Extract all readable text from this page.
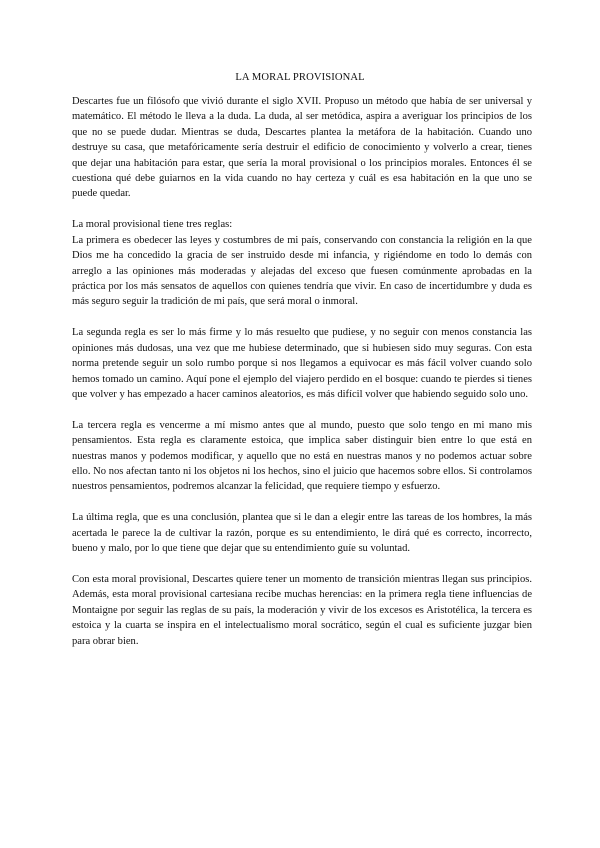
LA MORAL PROVISIONAL

Descartes fue un filósofo que vivió durante el siglo XVII. Propuso un método que había de ser universal y matemático. El método le lleva a la duda. La duda, al ser metódica, aspira a averiguar los principios de los que no se puede dudar. Mientras se duda, Descartes plantea la metáfora de la habitación. Cuando uno destruye su casa, que metafóricamente sería destruir el edificio de conocimiento y volverlo a crear, tienes que dejar una habitación para estar, que sería la moral provisional o los principios morales. Entonces él se cuestiona qué debe guiarnos en la vida cuando no hay certeza y cuál es esa habitación en la que uno se puede quedar.

La moral provisional tiene tres reglas:

La primera es obedecer las leyes y costumbres de mi país, conservando con constancia la religión en la que Dios me ha concedido la gracia de ser instruido desde mi infancia, y rigiéndome en todo lo demás con arreglo a las opiniones más moderadas y alejadas del exceso que fuesen comúnmente aprobadas en la práctica por los más sensatos de aquellos con quienes tendría que vivir. En caso de incertidumbre y duda es más seguro seguir la tradición de mi país, que será moral o inmoral.

La segunda regla es ser lo más firme y lo más resuelto que pudiese, y no seguir con menos constancia las opiniones más dudosas, una vez que me hubiese determinado, que si hubiesen sido muy seguras. Con esta norma pretende seguir un solo rumbo porque si nos llegamos a equivocar es más fácil volver cuando solo hemos tomado un camino. Aquí pone el ejemplo del viajero perdido en el bosque: cuando te pierdes si tienes que volver y has empezado a hacer caminos aleatorios, es más difícil volver que habiendo seguido solo uno.

La tercera regla es vencerme a mí mismo antes que al mundo, puesto que solo tengo en mi mano mis pensamientos. Esta regla es claramente estoica, que implica saber distinguir bien entre lo que está en nuestras manos y podemos modificar, y aquello que no está en nuestras manos y no podemos actuar sobre ello. No nos afectan tanto ni los objetos ni los hechos, sino el juicio que hacemos sobre ellos. Si controlamos nuestros pensamientos, podremos alcanzar la felicidad, que requiere tiempo y esfuerzo.

La última regla, que es una conclusión, plantea que si le dan a elegir entre las tareas de los hombres, la más acertada le parece la de cultivar la razón, porque es su entendimiento, le dirá qué es correcto, incorrecto, bueno y malo, por lo que tiene que dejar que su entendimiento guíe su voluntad.

Con esta moral provisional, Descartes quiere tener un momento de transición mientras llegan sus principios. Además, esta moral provisional cartesiana recibe muchas herencias: en la primera regla tiene influencias de Montaigne por seguir las reglas de su país, la moderación y vivir de los excesos es Aristotélica, la tercera es estoica y la cuarta se inspira en el intelectualismo moral socrático, según el cual es suficiente juzgar bien para obrar bien.
